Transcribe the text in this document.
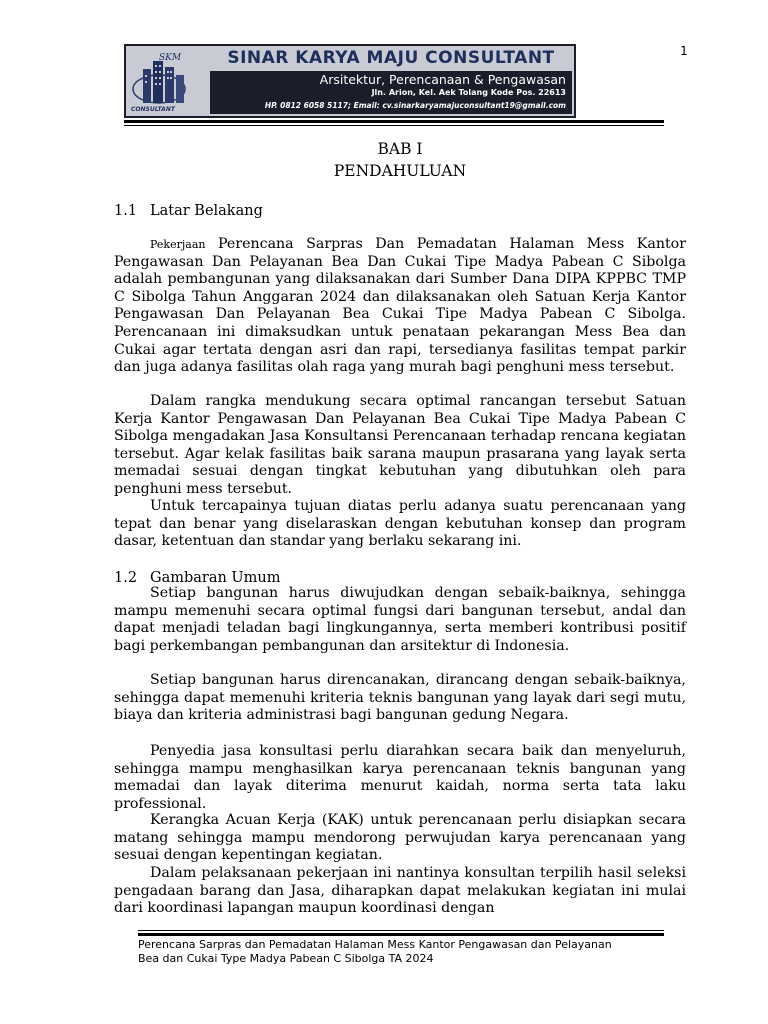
1
SKM
CONSULTANT
SINAR KARYA MAJU CONSULTANT
Arsitektur, Perencanaan & Pengawasan
Jln. Arion, Kel. Aek Tolang Kode Pos. 22613
HP. 0812 6058 5117; Email: cv.sinarkaryamajuconsultant19@gmail.com
BAB I
PENDAHULUAN
1.1 Latar Belakang
Pekerjaan Perencana Sarpras Dan Pemadatan Halaman Mess Kantor Pengawasan Dan Pelayanan Bea Dan Cukai Tipe Madya Pabean C Sibolga adalah pembangunan yang dilaksanakan dari Sumber Dana DIPA KPPBC TMP C Sibolga Tahun Anggaran 2024 dan dilaksanakan oleh Satuan Kerja Kantor Pengawasan Dan Pelayanan Bea Cukai Tipe Madya Pabean C Sibolga. Perencanaan ini dimaksudkan untuk penataan pekarangan Mess Bea dan Cukai agar tertata dengan asri dan rapi, tersedianya fasilitas tempat parkir dan juga adanya fasilitas olah raga yang murah bagi penghuni mess tersebut.
Dalam rangka mendukung secara optimal rancangan tersebut Satuan Kerja Kantor Pengawasan Dan Pelayanan Bea Cukai Tipe Madya Pabean C Sibolga mengadakan Jasa Konsultansi Perencanaan terhadap rencana kegiatan tersebut. Agar kelak fasilitas baik sarana maupun prasarana yang layak serta memadai sesuai dengan tingkat kebutuhan yang dibutuhkan oleh para penghuni mess tersebut.
Untuk tercapainya tujuan diatas perlu adanya suatu perencanaan yang tepat dan benar yang diselaraskan dengan kebutuhan konsep dan program dasar, ketentuan dan standar yang berlaku sekarang ini.
1.2 Gambaran Umum
Setiap bangunan harus diwujudkan dengan sebaik-baiknya, sehingga mampu memenuhi secara optimal fungsi dari bangunan tersebut, andal dan dapat menjadi teladan bagi lingkungannya, serta memberi kontribusi positif bagi perkembangan pembangunan dan arsitektur di Indonesia.
Setiap bangunan harus direncanakan, dirancang dengan sebaik-baiknya, sehingga dapat memenuhi kriteria teknis bangunan yang layak dari segi mutu, biaya dan kriteria administrasi bagi bangunan gedung Negara.
Penyedia jasa konsultasi perlu diarahkan secara baik dan menyeluruh, sehingga mampu menghasilkan karya perencanaan teknis bangunan yang memadai dan layak diterima menurut kaidah, norma serta tata laku professional.
Kerangka Acuan Kerja (KAK) untuk perencanaan perlu disiapkan secara matang sehingga mampu mendorong perwujudan karya perencanaan yang sesuai dengan kepentingan kegiatan.
Dalam pelaksanaan pekerjaan ini nantinya konsultan terpilih hasil seleksi pengadaan barang dan Jasa, diharapkan dapat melakukan kegiatan ini mulai dari koordinasi lapangan maupun koordinasi dengan
Perencana Sarpras dan Pemadatan Halaman Mess Kantor Pengawasan dan Pelayanan
Bea dan Cukai Type Madya Pabean C Sibolga TA 2024
